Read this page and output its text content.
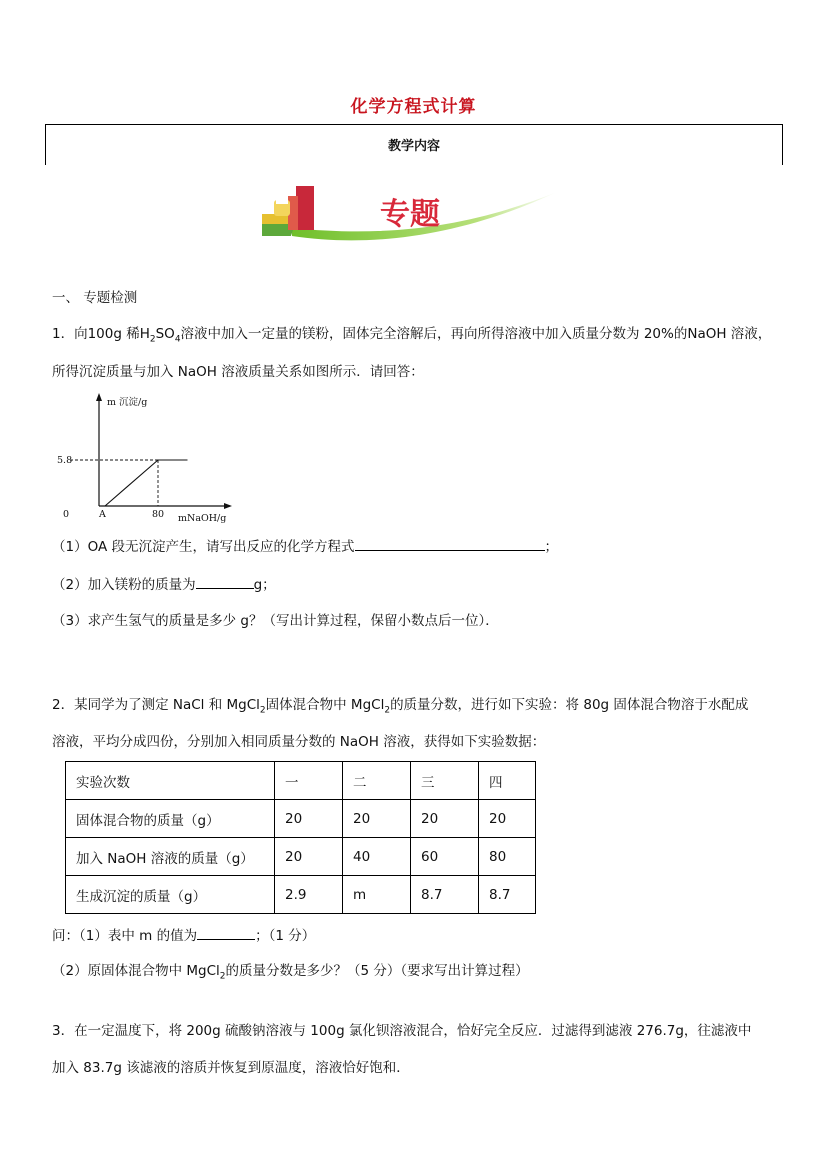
化学方程式计算
教学内容
专题
一、 专题检测
1．向100g 稀$H_2SO_4$溶液中加入一定量的镁粉，固体完全溶解后，再向所得溶液中加入质量分数为 20%的NaOH 溶液，
所得沉淀质量与加入 NaOH 溶液质量关系如图所示．请回答：
m 沉淀/g
mNaOH/g
0	A
5.8
80
（1）OA 段无沉淀产生，请写出反应的化学方程式	；
（2）加入镁粉的质量为	g；
（3）求产生氢气的质量是多少 g？（写出计算过程，保留小数点后一位）．
2．某同学为了测定 NaCl 和 MgCl$_2$固体混合物中 MgCl$_2$的质量分数，进行如下实验：将 80g 固体混合物溶于水配成
溶液，平均分成四份，分别加入相同质量分数的 NaOH 溶液，获得如下实验数据：
实验次数	一	二	三	四
固体混合物的质量（g）	20	20	20	20
加入 NaOH 溶液的质量（g）	20	40	60	80
生成沉淀的质量（g）	2.9	m	8.7	8.7
问：（1）表中 m 的值为	；（1 分）
（2）原固体混合物中 MgCl$_2$的质量分数是多少？（5 分）（要求写出计算过程）
3．在一定温度下，将 200g 硫酸钠溶液与 100g 氯化钡溶液混合，恰好完全反应．过滤得到滤液 276.7g，往滤液中
加入 83.7g 该滤液的溶质并恢复到原温度，溶液恰好饱和．
